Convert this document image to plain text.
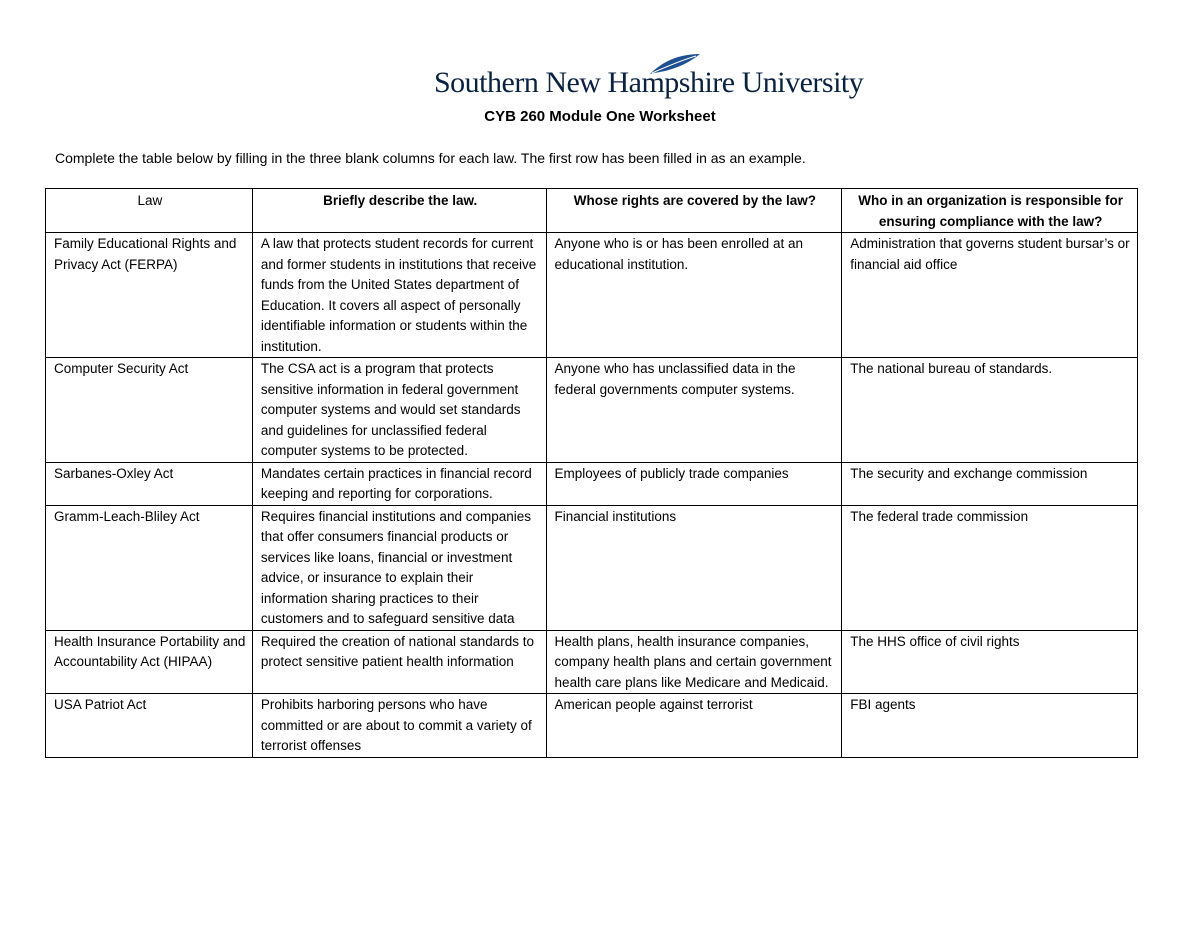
Southern New Hampshire University
CYB 260 Module One Worksheet
Complete the table below by filling in the three blank columns for each law. The first row has been filled in as an example.
Law	Briefly describe the law.	Whose rights are covered by the law?	Who in an organization is responsible for ensuring compliance with the law?
Family Educational Rights and Privacy Act (FERPA)	A law that protects student records for current and former students in institutions that receive funds from the United States department of Education. It covers all aspect of personally identifiable information or students within the institution.	Anyone who is or has been enrolled at an educational institution.	Administration that governs student bursar’s or financial aid office
Computer Security Act	The CSA act is a program that protects sensitive information in federal government computer systems and would set standards and guidelines for unclassified federal computer systems to be protected.	Anyone who has unclassified data in the federal governments computer systems.	The national bureau of standards.
Sarbanes-Oxley Act	Mandates certain practices in financial record keeping and reporting for corporations.	Employees of publicly trade companies	The security and exchange commission
Gramm-Leach-Bliley Act	Requires financial institutions and companies that offer consumers financial products or services like loans, financial or investment advice, or insurance to explain their information sharing practices to their customers and to safeguard sensitive data	Financial institutions	The federal trade commission
Health Insurance Portability and Accountability Act (HIPAA)	Required the creation of national standards to protect sensitive patient health information	Health plans, health insurance companies, company health plans and certain government health care plans like Medicare and Medicaid.	The HHS office of civil rights
USA Patriot Act	Prohibits harboring persons who have committed or are about to commit a variety of terrorist offenses	American people against terrorist	FBI agents
